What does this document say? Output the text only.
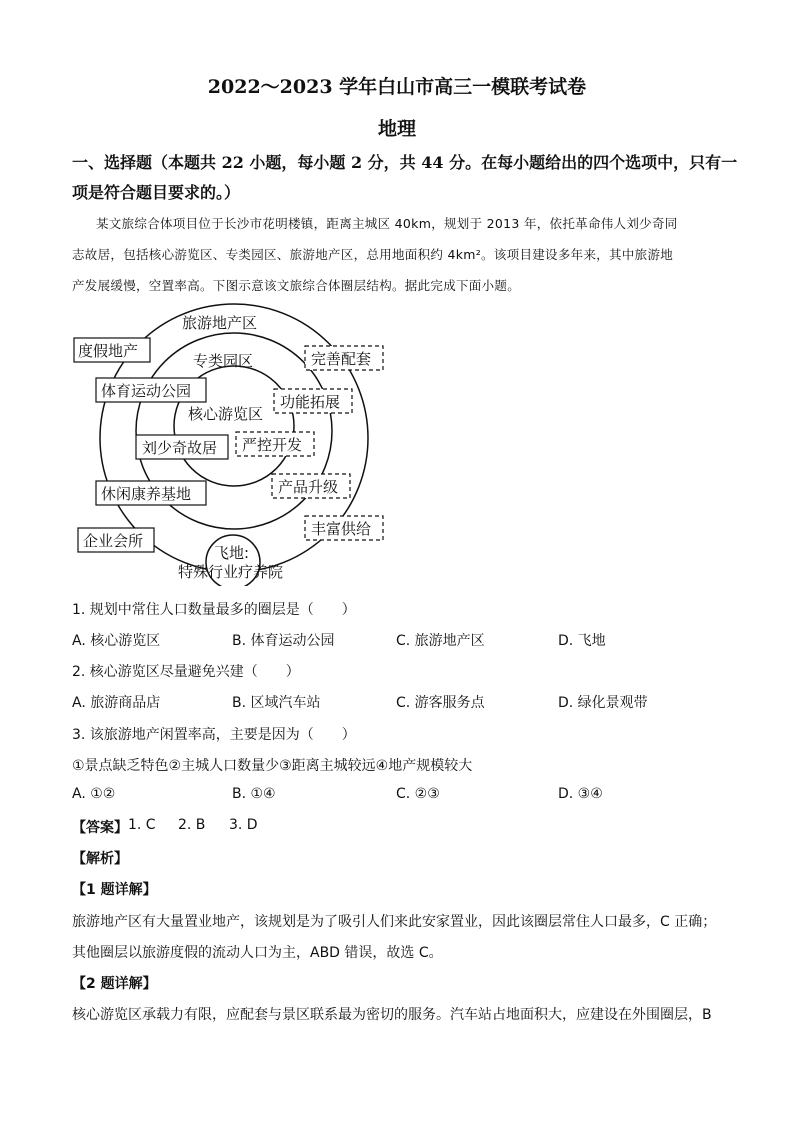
2022～2023 学年白山市高三一模联考试卷
地理
一、选择题（本题共 22 小题，每小题 2 分，共 44 分。在每小题给出的四个选项中，只有一
项是符合题目要求的。）
某文旅综合体项目位于长沙市花明楼镇，距离主城区 40km，规划于 2013 年，依托革命伟人刘少奇同
志故居，包括核心游览区、专类园区、旅游地产区，总用地面积约 4km²。该项目建设多年来，其中旅游地
产发展缓慢，空置率高。下图示意该文旅综合体圈层结构。据此完成下面小题。
旅游地产区
专类园区
核心游览区
度假地产
体育运动公园
刘少奇故居
休闲康养基地
企业会所
完善配套
功能拓展
严控开发
产品升级
丰富供给
飞地:
特殊行业疗养院
1. 规划中常住人口数量最多的圈层是（　　）
A. 核心游览区	B. 体育运动公园	C. 旅游地产区	D. 飞地
2. 核心游览区尽量避免兴建（　　）
A. 旅游商品店	B. 区域汽车站	C. 游客服务点	D. 绿化景观带
3. 该旅游地产闲置率高，主要是因为（　　）
①景点缺乏特色②主城人口数量少③距离主城较远④地产规模较大
A. ①②	B. ①④	C. ②③	D. ③④
【答案】 1. C 2. B 3. D
【解析】
【1 题详解】
旅游地产区有大量置业地产，该规划是为了吸引人们来此安家置业，因此该圈层常住人口最多，C 正确；
其他圈层以旅游度假的流动人口为主，ABD 错误，故选 C。
【2 题详解】
核心游览区承载力有限，应配套与景区联系最为密切的服务。汽车站占地面积大，应建设在外围圈层，B
